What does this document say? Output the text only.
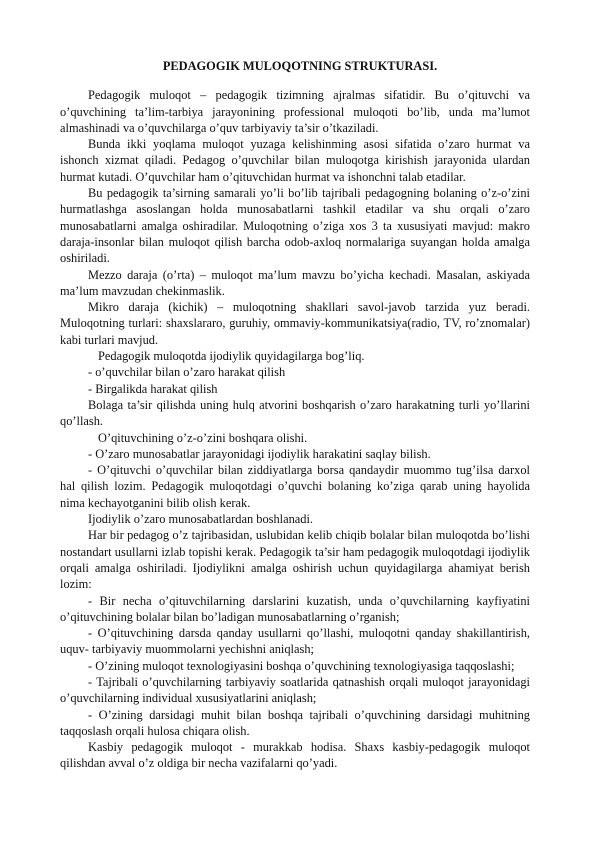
PEDAGOGIK MULOQOTNING STRUKTURASI.

Pedagogik muloqot – pedagogik tizimning ajralmas sifatidir. Bu o’qituvchi va o’quvchining ta’lim-tarbiya jarayonining professional muloqoti bo’lib, unda ma’lumot almashinadi va o’quvchilarga o’quv tarbiyaviy ta’sir o’tkaziladi.

Bunda ikki yoqlama muloqot yuzaga kelishinming asosi sifatida o’zaro hurmat va ishonch xizmat qiladi. Pedagog o’quvchilar bilan muloqotga kirishish jarayonida ulardan hurmat kutadi. O’quvchilar ham o’qituvchidan hurmat va ishonchni talab etadilar.

Bu pedagogik ta’sirning samarali yo’li bo’lib tajribali pedagogning bolaning o’z-o’zini hurmatlashga asoslangan holda munosabatlarni tashkil etadilar va shu orqali o’zaro munosabatlarni amalga oshiradilar. Muloqotning o’ziga xos 3 ta xususiyati mavjud: makro daraja-insonlar bilan muloqot qilish barcha odob-axloq normalariga suyangan holda amalga oshiriladi.

Mezzo daraja (o’rta) – muloqot ma’lum mavzu bo’yicha kechadi. Masalan, askiyada ma’lum mavzudan chekinmaslik.

Mikro daraja (kichik) – muloqotning shakllari savol-javob tarzida yuz beradi. Muloqotning turlari: shaxslararo, guruhiy, ommaviy-kommunikatsiya(radio, TV, ro’znomalar) kabi turlari mavjud.

Pedagogik muloqotda ijodiylik quyidagilarga bog’liq.

- o’quvchilar bilan o’zaro harakat qilish

- Birgalikda harakat qilish

Bolaga ta’sir qilishda uning hulq atvorini boshqarish o’zaro harakatning turli yo’llarini qo’llash.

O’qituvchining o’z-o’zini boshqara olishi.

- O’zaro munosabatlar jarayonidagi ijodiylik harakatini saqlay bilish.

- O’qituvchi o’quvchilar bilan ziddiyatlarga borsa qandaydir muommo tug’ilsa darxol hal qilish lozim. Pedagogik muloqotdagi o’quvchi bolaning ko’ziga qarab uning hayolida nima kechayotganini bilib olish kerak.

Ijodiylik o’zaro munosabatlardan boshlanadi.

Har bir pedagog o’z tajribasidan, uslubidan kelib chiqib bolalar bilan muloqotda bo’lishi nostandart usullarni izlab topishi kerak. Pedagogik ta’sir ham pedagogik muloqotdagi ijodiylik orqali amalga oshiriladi. Ijodiylikni amalga oshirish uchun quyidagilarga ahamiyat berish lozim:

- Bir necha o’qituvchilarning darslarini kuzatish, unda o’quvchilarning kayfiyatini o’qituvchining bolalar bilan bo’ladigan munosabatlarning o’rganish;

- O’qituvchining darsda qanday usullarni qo’llashi, muloqotni qanday shakillantirish, uquv- tarbiyaviy muommolarni yechishni aniqlash;

- O’zining muloqot texnologiyasini boshqa o’quvchining texnologiyasiga taqqoslashi;

- Tajribali o’quvchilarning tarbiyaviy soatlarida qatnashish orqali muloqot jarayonidagi o’quvchilarning individual xususiyatlarini aniqlash;

- O’zining darsidagi muhit bilan boshqa tajribali o’quvchining darsidagi muhitning taqqoslash orqali hulosa chiqara olish.

Kasbiy pedagogik muloqot - murakkab hodisa. Shaxs kasbiy-pedagogik muloqot qilishdan avval o’z oldiga bir necha vazifalarni qo’yadi.
